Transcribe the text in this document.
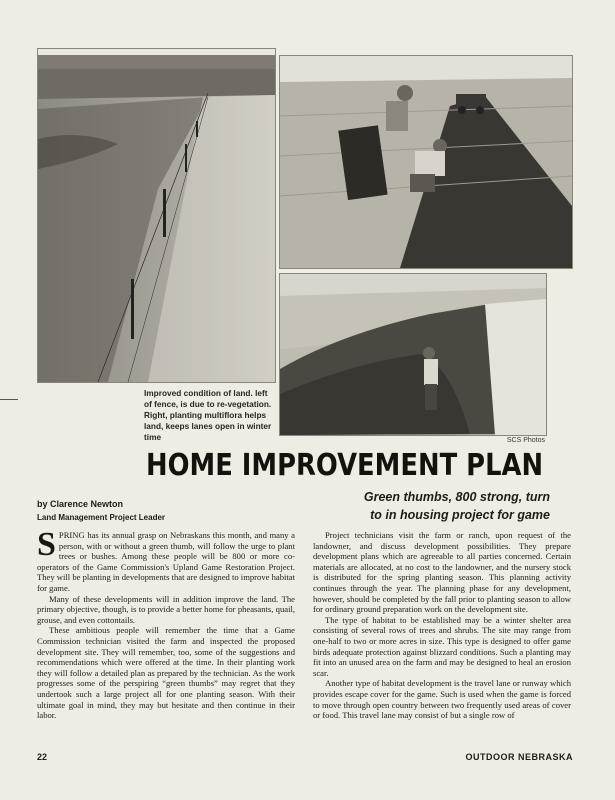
Improved condition of land. left of fence, is due to re-vegetation. Right, planting multiflora helps land, keeps lanes open in winter time	SCS Photos
HOME IMPROVEMENT PLAN
by Clarence Newton
Land Management Project Leader
Green thumbs, 800 strong, turn
to in housing project for game

SPRING has its annual grasp on Nebraskans this month, and many a person, with or without a green thumb, will follow the urge to plant trees or bushes. Among these people will be 800 or more co-operators of the Game Commission's Upland Game Restoration Project. They will be planting in developments that are designed to improve habitat for game.

Many of these developments will in addition improve the land. The primary objective, though, is to provide a better home for pheasants, quail, grouse, and even cottontails.

These ambitious people will remember the time that a Game Commission technician visited the farm and inspected the proposed development site. They will remember, too, some of the suggestions and recommendations which were offered at the time. In their planting work they will follow a detailed plan as prepared by the technician. As the work progresses some of the perspiring “green thumbs” may regret that they undertook such a large project all for one planting season. With their ultimate goal in mind, they may but hesitate and then continue in their labor.

Project technicians visit the farm or ranch, upon request of the landowner, and discuss development possibilities. They prepare development plans which are agreeable to all parties concerned. Certain materials are allocated, at no cost to the landowner, and the nursery stock is distributed for the spring planting season. This planning activity continues through the year. The planning phase for any development, however, should be completed by the fall prior to planting season to allow for ordinary ground preparation work on the development site.

The type of habitat to be established may be a winter shelter area consisting of several rows of trees and shrubs. The site may range from one-half to two or more acres in size. This type is designed to offer game birds adequate protection against blizzard conditions. Such a planting may fit into an unused area on the farm and may be designed to heal an erosion scar.

Another type of habitat development is the travel lane or runway which provides escape cover for the game. Such is used when the game is forced to move through open country between two frequently used areas of cover or food. This travel lane may consist of but a single row of

22	OUTDOOR NEBRASKA
